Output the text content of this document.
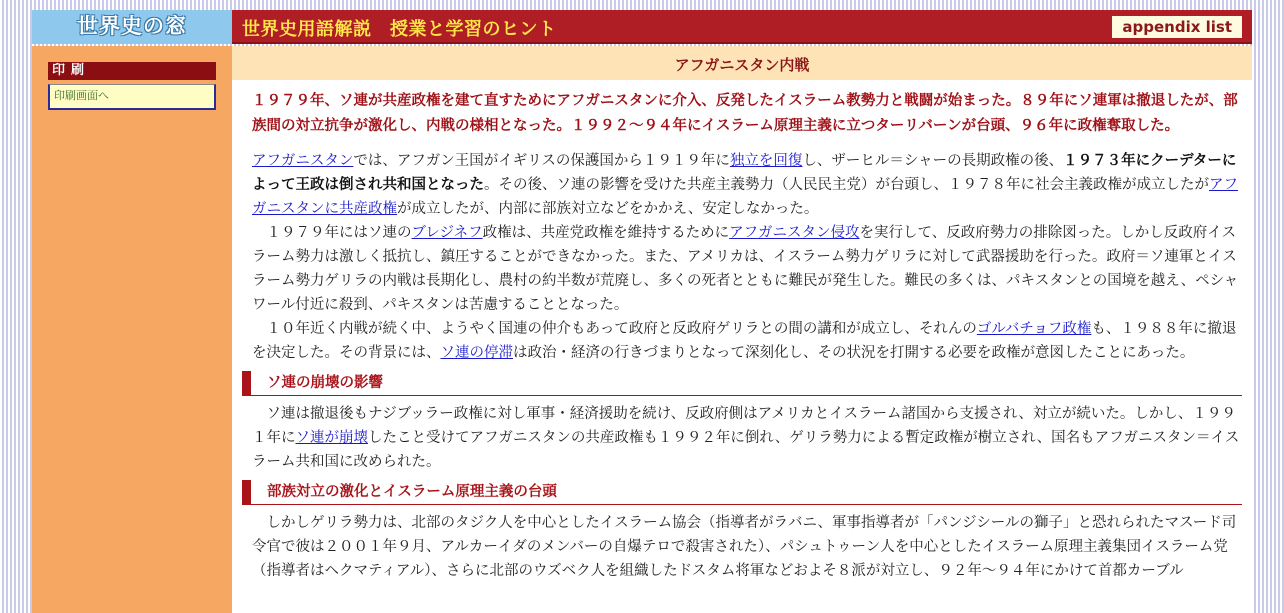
世界史の窓	世界史用語解説　授業と学習のヒント	appendix list
印刷
印刷画面へ
アフガニスタン内戦

１９７９年、ソ連が共産政権を建て直すためにアフガニスタンに介入、反発したイスラーム教勢力と戦闘が始まった。８９年にソ連軍は撤退したが、部族間の対立抗争が激化し、内戦の様相となった。１９９２〜９４年にイスラーム原理主義に立つターリバーンが台頭、９６年に政権奪取した。

アフガニスタンでは、アフガン王国がイギリスの保護国から１９１９年に独立を回復し、ザーヒル＝シャーの長期政権の後、１９７３年にクーデターによって王政は倒され共和国となった。その後、ソ連の影響を受けた共産主義勢力（人民民主党）が台頭し、１９７８年に社会主義政権が成立したがアフガニスタンに共産政権が成立したが、内部に部族対立などをかかえ、安定しなかった。

１９７９年にはソ連のブレジネフ政権は、共産党政権を維持するためにアフガニスタン侵攻を実行して、反政府勢力の排除図った。しかし反政府イスラーム勢力は激しく抵抗し、鎮圧することができなかった。また、アメリカは、イスラーム勢力ゲリラに対して武器援助を行った。政府＝ソ連軍とイスラーム勢力ゲリラの内戦は長期化し、農村の約半数が荒廃し、多くの死者とともに難民が発生した。難民の多くは、パキスタンとの国境を越え、ペシャワール付近に殺到、パキスタンは苦慮することとなった。

１０年近く内戦が続く中、ようやく国連の仲介もあって政府と反政府ゲリラとの間の講和が成立し、それんのゴルバチョフ政権も、１９８８年に撤退を決定した。その背景には、ソ連の停滞は政治・経済の行きづまりとなって深刻化し、その状況を打開する必要を政権が意図したことにあった。

ソ連の崩壊の影響

ソ連は撤退後もナジブッラー政権に対し軍事・経済援助を続け、反政府側はアメリカとイスラーム諸国から支援され、対立が続いた。しかし、１９９１年にソ連が崩壊したこと受けてアフガニスタンの共産政権も１９９２年に倒れ、ゲリラ勢力による暫定政権が樹立され、国名もアフガニスタン＝イスラーム共和国に改められた。

部族対立の激化とイスラーム原理主義の台頭

しかしゲリラ勢力は、北部のタジク人を中心としたイスラーム協会（指導者がラバニ、軍事指導者が「パンジシールの獅子」と恐れられたマスード司令官で彼は２００１年９月、アルカーイダのメンバーの自爆テロで殺害された）、パシュトゥーン人を中心としたイスラーム原理主義集団イスラーム党（指導者はヘクマティアル）、さらに北部のウズベク人を組織したドスタム将軍などおよそ８派が対立し、９２年〜９４年にかけて首都カーブル
